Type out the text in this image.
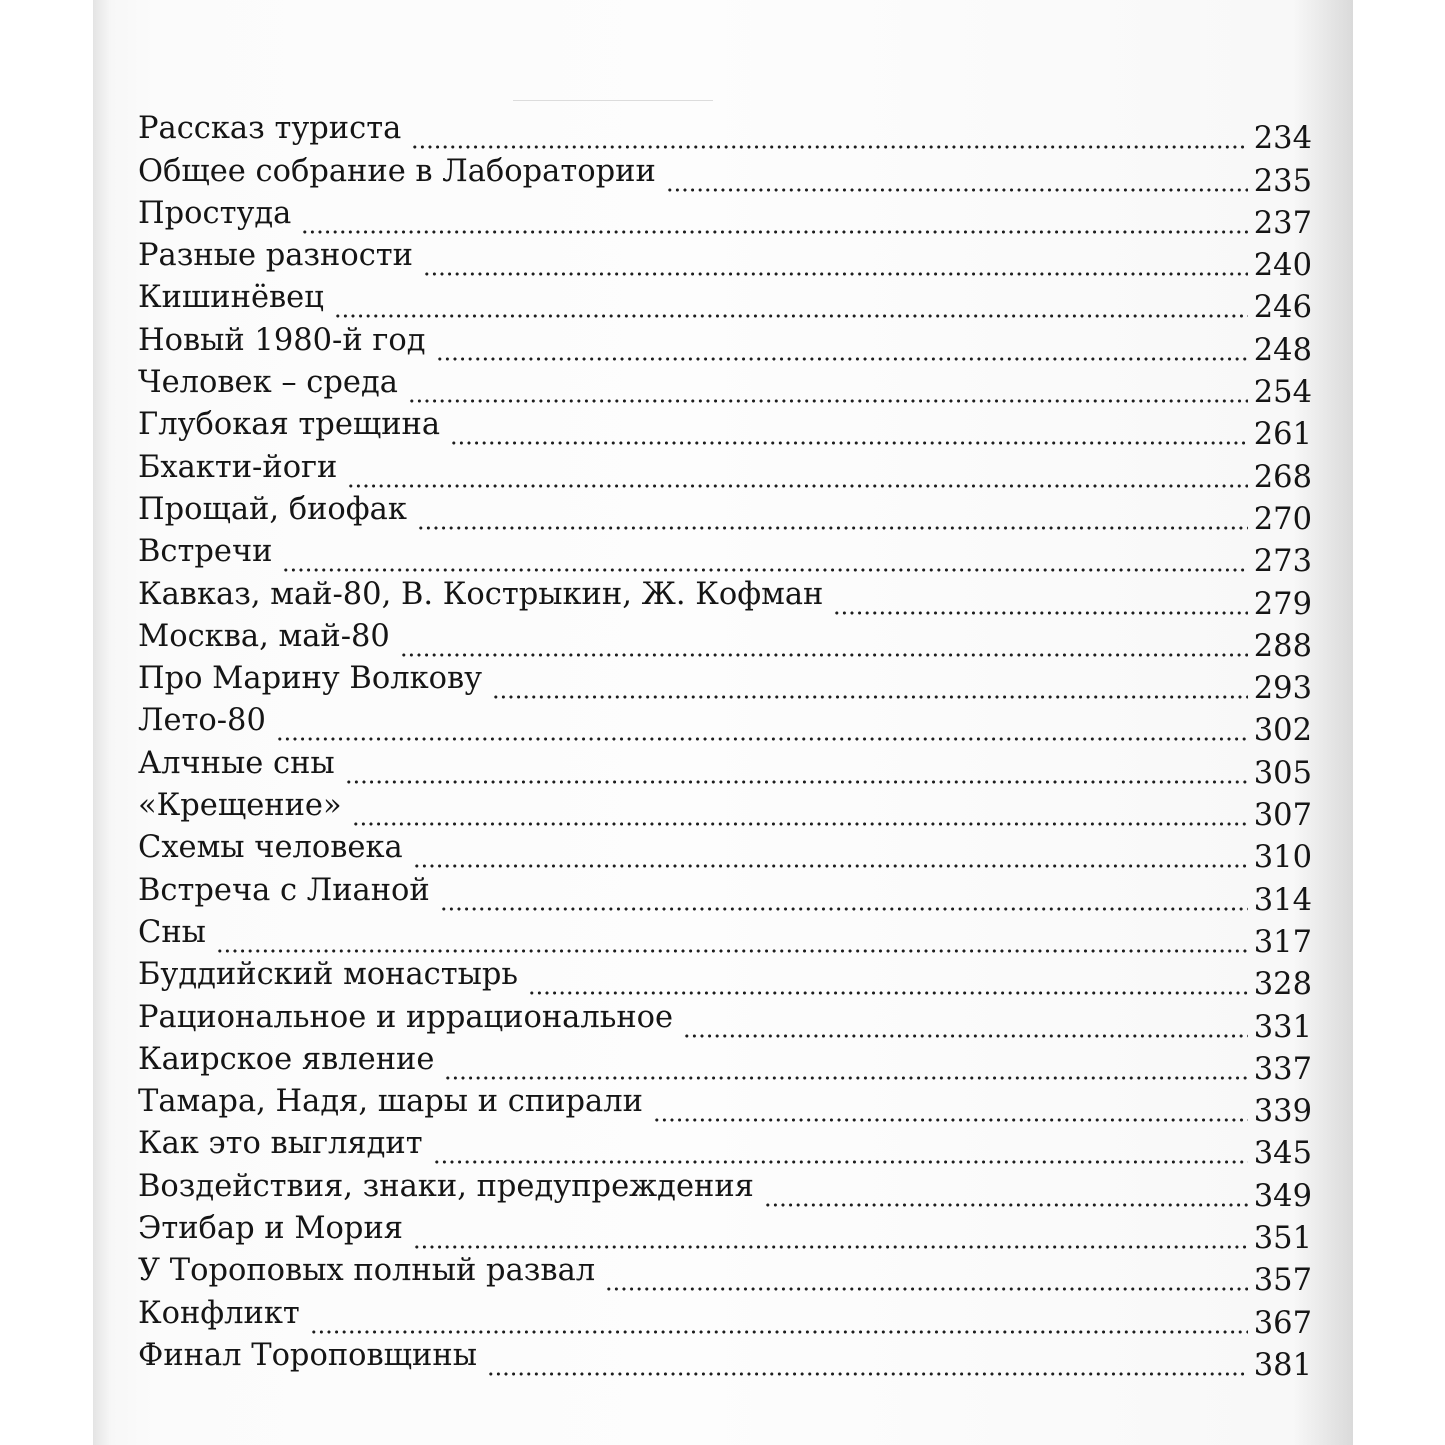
Рассказ туриста	234
Общее собрание в Лаборатории	235
Простуда	237
Разные разности	240
Кишинёвец	246
Новый 1980-й год	248
Человек – среда	254
Глубокая трещина	261
Бхакти-йоги	268
Прощай, биофак	270
Встречи	273
Кавказ, май-80, В. Кострыкин, Ж. Кофман	279
Москва, май-80	288
Про Марину Волкову	293
Лето-80	302
Алчные сны	305
«Крещение»	307
Схемы человека	310
Встреча с Лианой	314
Сны	317
Буддийский монастырь	328
Рациональное и иррациональное	331
Каирское явление	337
Тамара, Надя, шары и спирали	339
Как это выглядит	345
Воздействия, знаки, предупреждения	349
Этибар и Мория	351
У Тороповых полный развал	357
Конфликт	367
Финал Тороповщины	381
